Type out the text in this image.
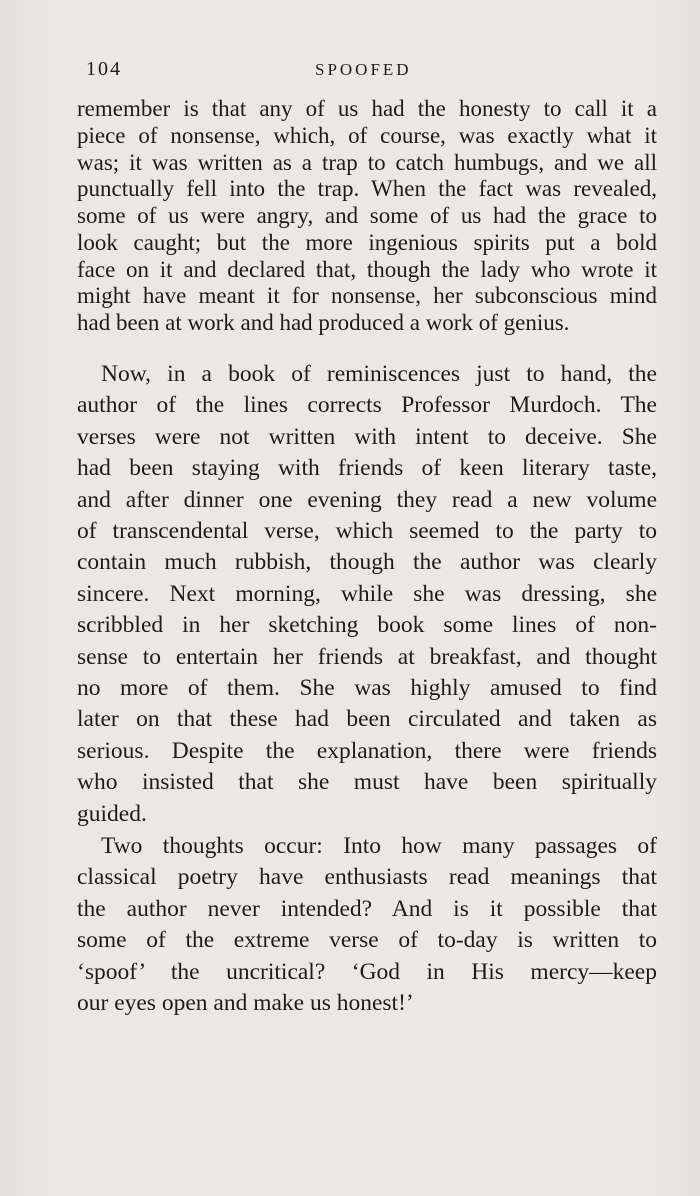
104	SPOOFED
remember is that any of us had the honesty to call it a
piece of nonsense, which, of course, was exactly what it
was; it was written as a trap to catch humbugs, and we all
punctually fell into the trap. When the fact was revealed,
some of us were angry, and some of us had the grace to
look caught; but the more ingenious spirits put a bold
face on it and declared that, though the lady who wrote it
might have meant it for nonsense, her subconscious mind
had been at work and had produced a work of genius.
Now, in a book of reminiscences just to hand, the
author of the lines corrects Professor Murdoch. The
verses were not written with intent to deceive. She
had been staying with friends of keen literary taste,
and after dinner one evening they read a new volume
of transcendental verse, which seemed to the party to
contain much rubbish, though the author was clearly
sincere. Next morning, while she was dressing, she
scribbled in her sketching book some lines of non-
sense to entertain her friends at breakfast, and thought
no more of them. She was highly amused to find
later on that these had been circulated and taken as
serious. Despite the explanation, there were friends
who insisted that she must have been spiritually
guided.
Two thoughts occur: Into how many passages of
classical poetry have enthusiasts read meanings that
the author never intended? And is it possible that
some of the extreme verse of to-day is written to
‘spoof’ the uncritical? ‘God in His mercy—keep
our eyes open and make us honest!’
